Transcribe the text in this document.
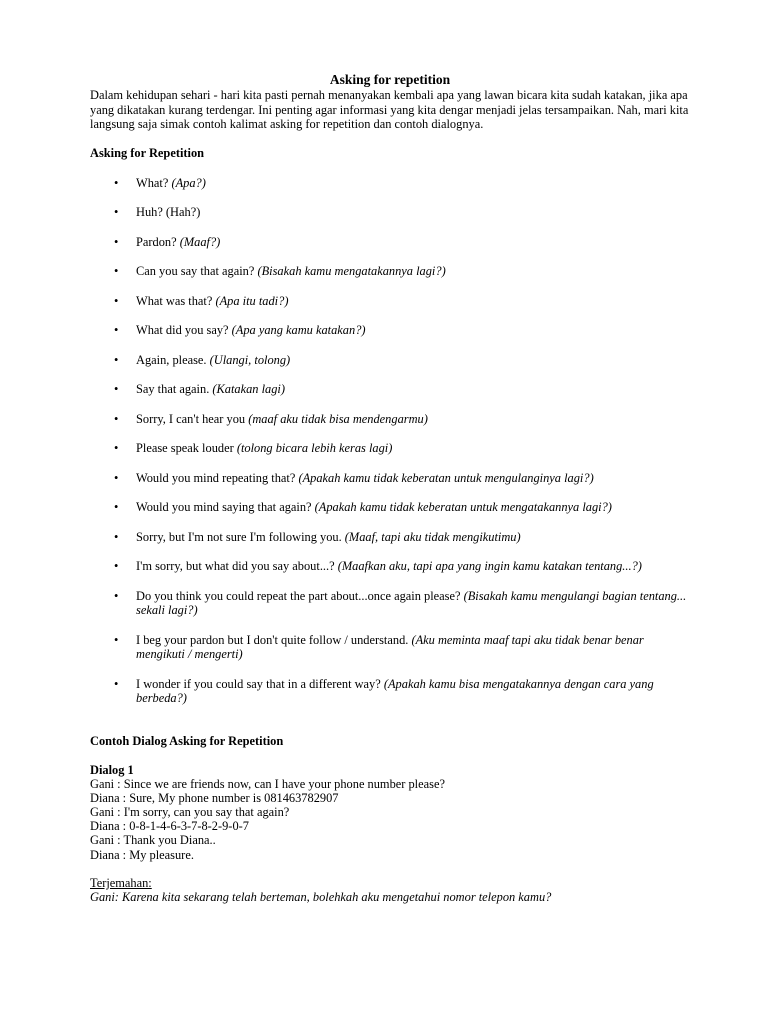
Asking for repetition

Dalam kehidupan sehari - hari kita pasti pernah menanyakan kembali apa yang lawan bicara kita sudah katakan, jika apa yang dikatakan kurang terdengar. Ini penting agar informasi yang kita dengar menjadi jelas tersampaikan. Nah, mari kita langsung saja simak contoh kalimat asking for repetition dan contoh dialognya.

Asking for Repetition

• What? (Apa?)
• Huh? (Hah?)
• Pardon? (Maaf?)
• Can you say that again? (Bisakah kamu mengatakannya lagi?)
• What was that? (Apa itu tadi?)
• What did you say? (Apa yang kamu katakan?)
• Again, please. (Ulangi, tolong)
• Say that again. (Katakan lagi)
• Sorry, I can't hear you (maaf aku tidak bisa mendengarmu)
• Please speak louder (tolong bicara lebih keras lagi)
• Would you mind repeating that? (Apakah kamu tidak keberatan untuk mengulanginya lagi?)
• Would you mind saying that again? (Apakah kamu tidak keberatan untuk mengatakannya lagi?)
• Sorry, but I'm not sure I'm following you. (Maaf, tapi aku tidak mengikutimu)
• I'm sorry, but what did you say about...? (Maafkan aku, tapi apa yang ingin kamu katakan tentang...?)
• Do you think you could repeat the part about...once again please? (Bisakah kamu mengulangi bagian tentang... sekali lagi?)
• I beg your pardon but I don't quite follow / understand. (Aku meminta maaf tapi aku tidak benar benar mengikuti / mengerti)
• I wonder if you could say that in a different way? (Apakah kamu bisa mengatakannya dengan cara yang berbeda?)

Contoh Dialog Asking for Repetition

Dialog 1

Gani : Since we are friends now, can I have your phone number please?

Diana : Sure, My phone number is 081463782907

Gani : I'm sorry, can you say that again?

Diana : 0-8-1-4-6-3-7-8-2-9-0-7

Gani : Thank you Diana..

Diana : My pleasure.

Terjemahan:

Gani: Karena kita sekarang telah berteman, bolehkah aku mengetahui nomor telepon kamu?
